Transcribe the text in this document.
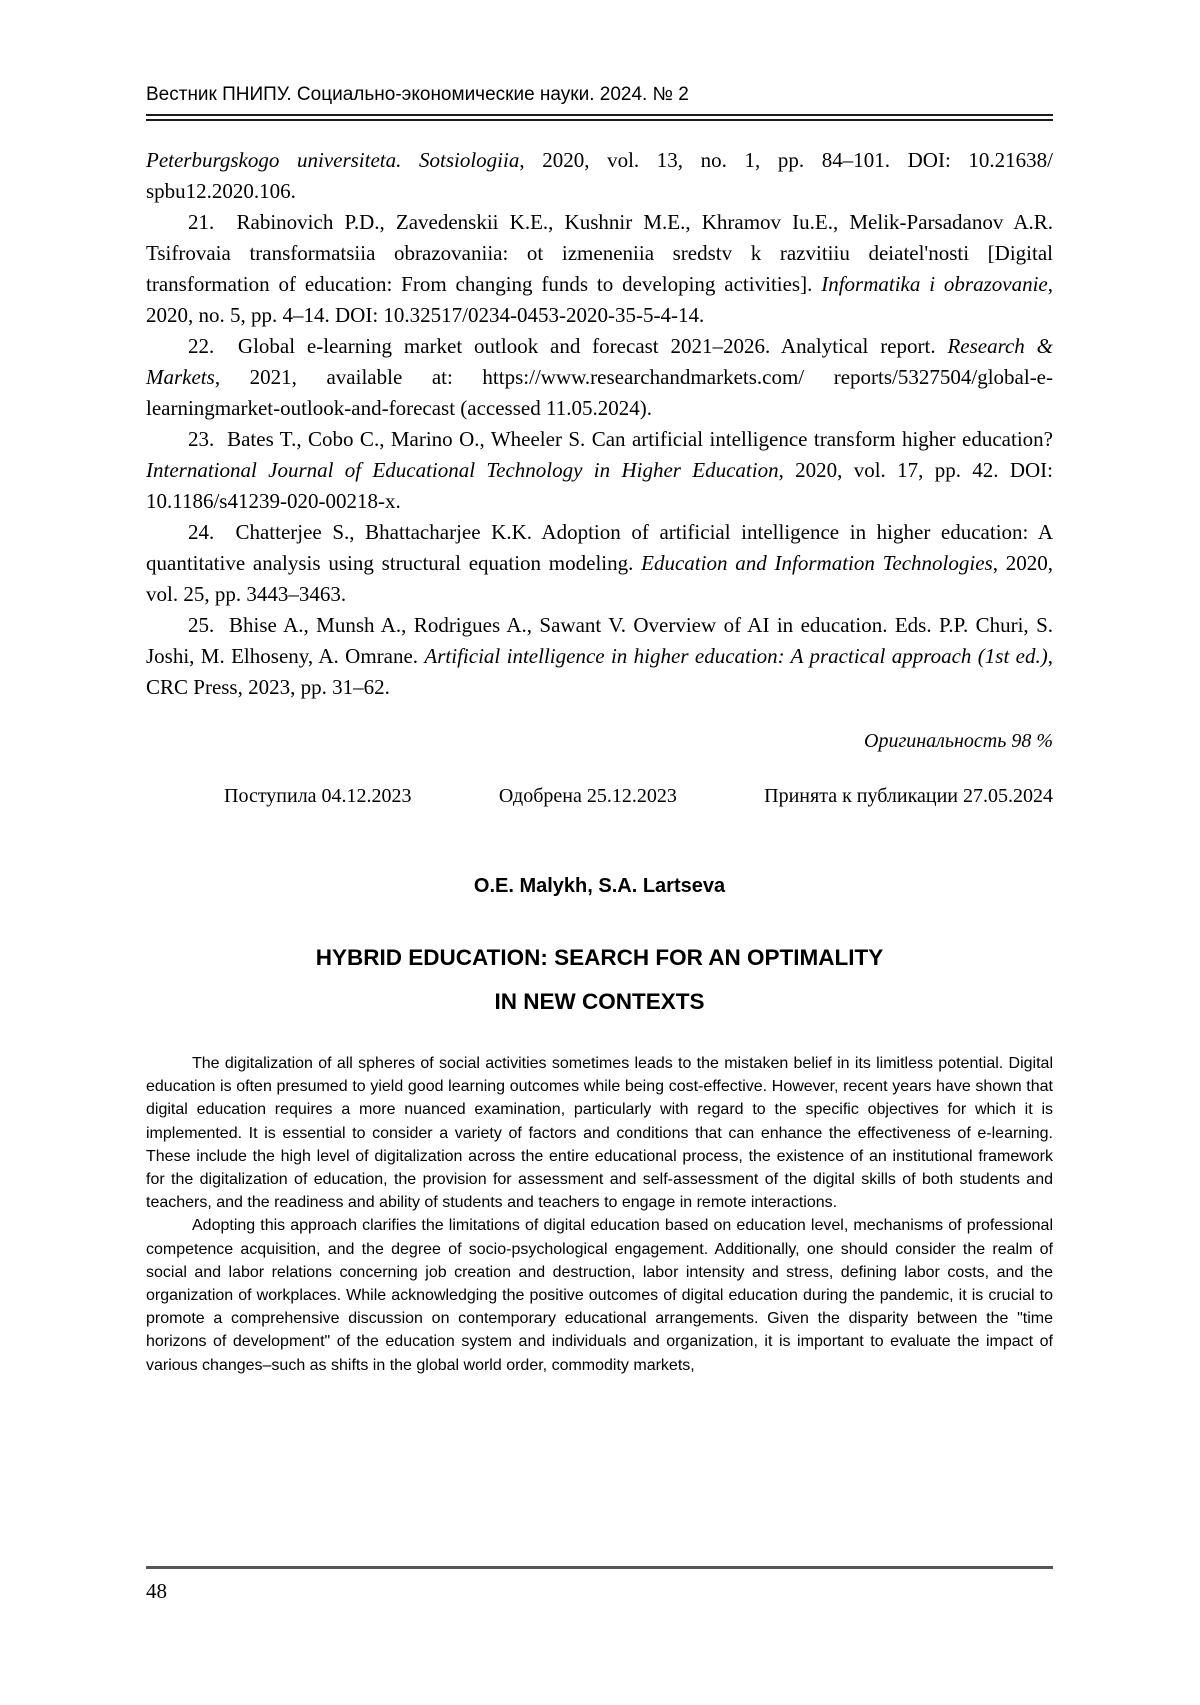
Вестник ПНИПУ. Социально-экономические науки. 2024. № 2

Peterburgskogo universiteta. Sotsiologiia, 2020, vol. 13, no. 1, pp. 84–101. DOI: 10.21638/ spbu12.2020.106.

21.  Rabinovich P.D., Zavedenskii K.E., Kushnir M.E., Khramov Iu.E., Melik-Parsadanov A.R. Tsifrovaia transformatsiia obrazovaniia: ot izmeneniia sredstv k razvitiiu deiatel'nosti [Digital transformation of education: From changing funds to developing activities]. Informatika i obrazovanie, 2020, no. 5, pp. 4–14. DOI: 10.32517/0234-0453-2020-35-5-4-14.

22.  Global e-learning market outlook and forecast 2021–2026. Analytical report. Research & Markets, 2021, available at: https://www.researchandmarkets.com/ reports/5327504/global-e-learningmarket-outlook-and-forecast (accessed 11.05.2024).

23.  Bates T., Cobo C., Marino O., Wheeler S. Can artificial intelligence transform higher education? International Journal of Educational Technology in Higher Education, 2020, vol. 17, pp. 42. DOI: 10.1186/s41239-020-00218-x.

24.  Chatterjee S., Bhattacharjee K.K. Adoption of artificial intelligence in higher education: A quantitative analysis using structural equation modeling. Education and Information Technologies, 2020, vol. 25, pp. 3443–3463.

25.  Bhise A., Munsh A., Rodrigues A., Sawant V. Overview of AI in education. Eds. P.P. Churi, S. Joshi, M. Elhoseny, A. Omrane. Artificial intelligence in higher education: A practical approach (1st ed.), CRC Press, 2023, pp. 31–62.

Оригинальность 98 %
Поступила 04.12.2023	Одобрена 25.12.2023	Принята к публикации 27.05.2024
O.E. Malykh, S.A. Lartseva
HYBRID EDUCATION: SEARCH FOR AN OPTIMALITY
IN NEW CONTEXTS

The digitalization of all spheres of social activities sometimes leads to the mistaken belief in its limitless potential. Digital education is often presumed to yield good learning outcomes while being cost-effective. However, recent years have shown that digital education requires a more nuanced examination, particularly with regard to the specific objectives for which it is implemented. It is essential to consider a variety of factors and conditions that can enhance the effectiveness of e-learning. These include the high level of digitalization across the entire educational process, the existence of an institutional framework for the digitalization of education, the provision for assessment and self-assessment of the digital skills of both students and teachers, and the readiness and ability of students and teachers to engage in remote interactions.

Adopting this approach clarifies the limitations of digital education based on education level, mechanisms of professional competence acquisition, and the degree of socio-psychological engagement. Additionally, one should consider the realm of social and labor relations concerning job creation and destruction, labor intensity and stress, defining labor costs, and the organization of workplaces. While acknowledging the positive outcomes of digital education during the pandemic, it is crucial to promote a comprehensive discussion on contemporary educational arrangements. Given the disparity between the "time horizons of development" of the education system and individuals and organization, it is important to evaluate the impact of various changes–such as shifts in the global world order, commodity markets,

48
